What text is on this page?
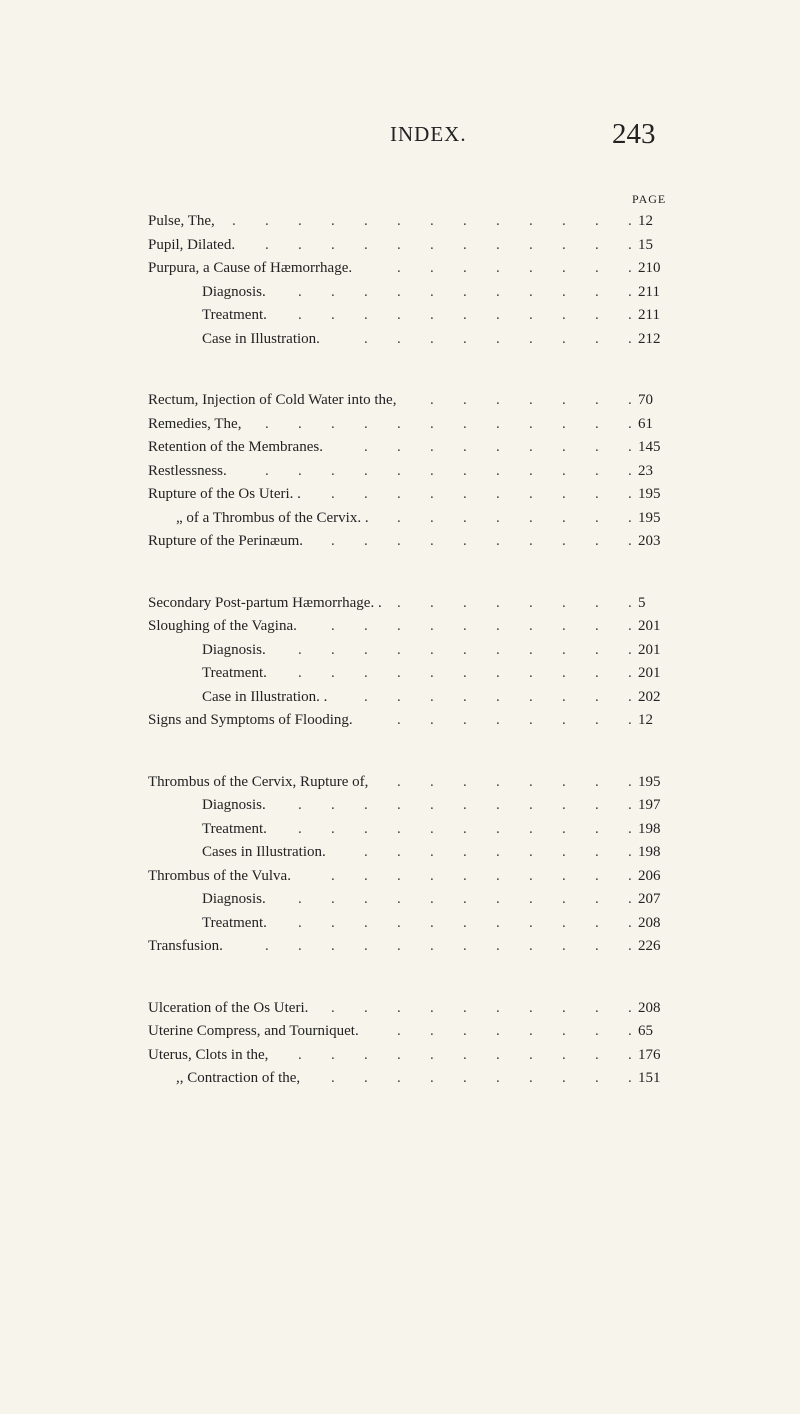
INDEX.	243
PAGE
.
.
.
.
.
.
.
.
.
.
.
.
.
Pulse, The,	12
.
.
.
.
.
.
.
.
.
.
.
.
Pupil, Dilated.	15
.
.
.
.
.
.
.
.
Purpura, a Cause of Hæmorrhage.	210
.
.
.
.
.
.
.
.
.
.
.
Diagnosis.	211
.
.
.
.
.
.
.
.
.
.
.
Treatment.	211
.
.
.
.
.
.
.
.
.
Case in Illustration.	212
.
.
.
.
.
.
.
Rectum, Injection of Cold Water into the,	70
.
.
.
.
.
.
.
.
.
.
.
.
Remedies, The,	61
.
.
.
.
.
.
.
.
.
Retention of the Membranes.	145
.
.
.
.
.
.
.
.
.
.
.
.
Restlessness.	23
.
.
.
.
.
.
.
.
.
.
Rupture of the Os Uteri. .	195
.
.
.
.
.
.
.
.
„ of a Thrombus of the Cervix. .	195
.
.
.
.
.
.
.
.
.
.
Rupture of the Perinæum.	203
.
.
.
.
.
.
.
.
Secondary Post-partum Hæmorrhage. .	5
.
.
.
.
.
.
.
.
.
.
Sloughing of the Vagina.	201
.
.
.
.
.
.
.
.
.
.
.
Diagnosis.	201
.
.
.
.
.
.
.
.
.
.
.
Treatment.	201
.
.
.
.
.
.
.
.
.
Case in Illustration. .	202
.
.
.
.
.
.
.
.
Signs and Symptoms of Flooding.	12
.
.
.
.
.
.
.
.
Thrombus of the Cervix, Rupture of,	195
.
.
.
.
.
.
.
.
.
.
.
Diagnosis.	197
.
.
.
.
.
.
.
.
.
.
.
Treatment.	198
.
.
.
.
.
.
.
.
.
Cases in Illustration.	198
.
.
.
.
.
.
.
.
.
.
Thrombus of the Vulva.	206
.
.
.
.
.
.
.
.
.
.
.
Diagnosis.	207
.
.
.
.
.
.
.
.
.
.
.
Treatment.	208
.
.
.
.
.
.
.
.
.
.
.
.
Transfusion.	226
.
.
.
.
.
.
.
.
.
.
Ulceration of the Os Uteri.	208
.
.
.
.
.
.
.
.
Uterine Compress, and Tourniquet.	65
.
.
.
.
.
.
.
.
.
.
.
Uterus, Clots in the,	176
.
.
.
.
.
.
.
.
.
.
,, Contraction of the,	151
